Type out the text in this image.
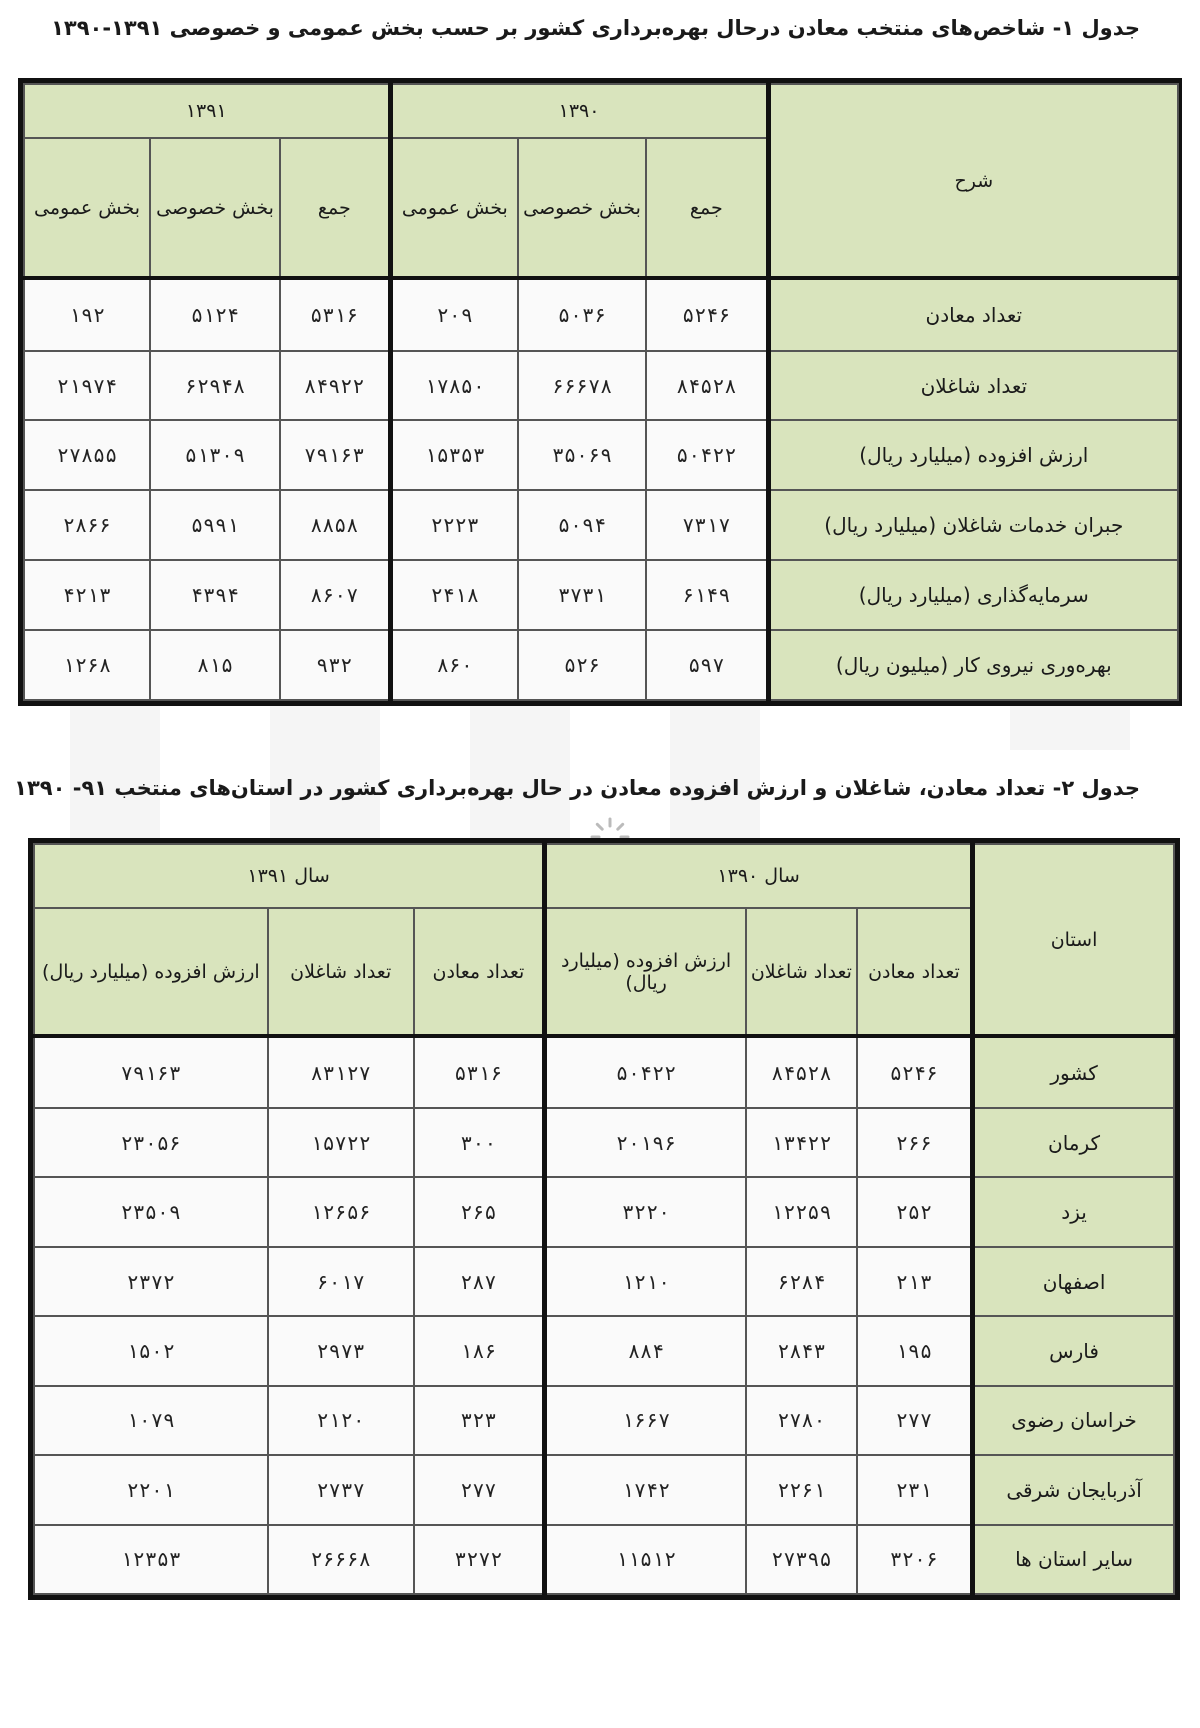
جدول ۱- شاخص‌های منتخب معادن درحال بهره‌برداری کشور بر حسب بخش عمومی و خصوصی ۱۳۹۱-۱۳۹۰
شرح	۱۳۹۰			۱۳۹۱		
	جمع	بخش خصوصی	بخش عمومی	جمع	بخش خصوصی	بخش عمومی
تعداد معادن	۵۲۴۶	۵۰۳۶	۲۰۹	۵۳۱۶	۵۱۲۴	۱۹۲
تعداد شاغلان	۸۴۵۲۸	۶۶۶۷۸	۱۷۸۵۰	۸۴۹۲۲	۶۲۹۴۸	۲۱۹۷۴
ارزش افزوده (میلیارد ریال)	۵۰۴۲۲	۳۵۰۶۹	۱۵۳۵۳	۷۹۱۶۳	۵۱۳۰۹	۲۷۸۵۵
جبران خدمات شاغلان (میلیارد ریال)	۷۳۱۷	۵۰۹۴	۲۲۲۳	۸۸۵۸	۵۹۹۱	۲۸۶۶
سرمایه‌گذاری (میلیارد ریال)	۶۱۴۹	۳۷۳۱	۲۴۱۸	۸۶۰۷	۴۳۹۴	۴۲۱۳
بهره‌وری نیروی کار (میلیون ریال)	۵۹۷	۵۲۶	۸۶۰	۹۳۲	۸۱۵	۱۲۶۸
جدول ۲- تعداد معادن، شاغلان و ارزش افزوده معادن در حال بهره‌برداری کشور در استان‌های منتخب ۹۱- ۱۳۹۰
استان	سال ۱۳۹۰			سال ۱۳۹۱		
	تعداد معادن	تعداد شاغلان	ارزش افزوده (میلیارد ریال)	تعداد معادن	تعداد شاغلان	ارزش افزوده (میلیارد ریال)
کشور	۵۲۴۶	۸۴۵۲۸	۵۰۴۲۲	۵۳۱۶	۸۳۱۲۷	۷۹۱۶۳
کرمان	۲۶۶	۱۳۴۲۲	۲۰۱۹۶	۳۰۰	۱۵۷۲۲	۲۳۰۵۶
یزد	۲۵۲	۱۲۲۵۹	۳۲۲۰	۲۶۵	۱۲۶۵۶	۲۳۵۰۹
اصفهان	۲۱۳	۶۲۸۴	۱۲۱۰	۲۸۷	۶۰۱۷	۲۳۷۲
فارس	۱۹۵	۲۸۴۳	۸۸۴	۱۸۶	۲۹۷۳	۱۵۰۲
خراسان رضوی	۲۷۷	۲۷۸۰	۱۶۶۷	۳۲۳	۲۱۲۰	۱۰۷۹
آذربایجان شرقی	۲۳۱	۲۲۶۱	۱۷۴۲	۲۷۷	۲۷۳۷	۲۲۰۱
سایر استان ها	۳۲۰۶	۲۷۳۹۵	۱۱۵۱۲	۳۲۷۲	۲۶۶۶۸	۱۲۳۵۳
